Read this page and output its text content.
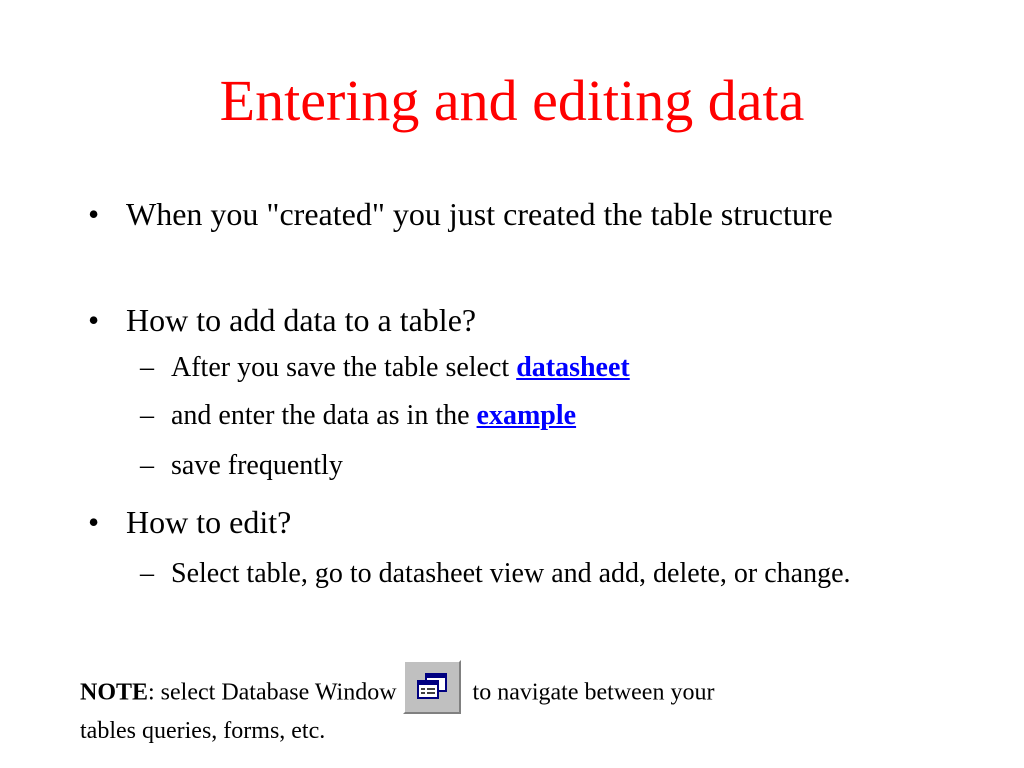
Entering and editing data
• When you "created" you just created the table structure
• How to add data to a table?
– After you save the table select datasheet
– and enter the data as in the example
– save frequently
• How to edit?
– Select table, go to datasheet view and add, delete, or change.
NOTE: select Database Window	to navigate between your
tables queries, forms, etc.
